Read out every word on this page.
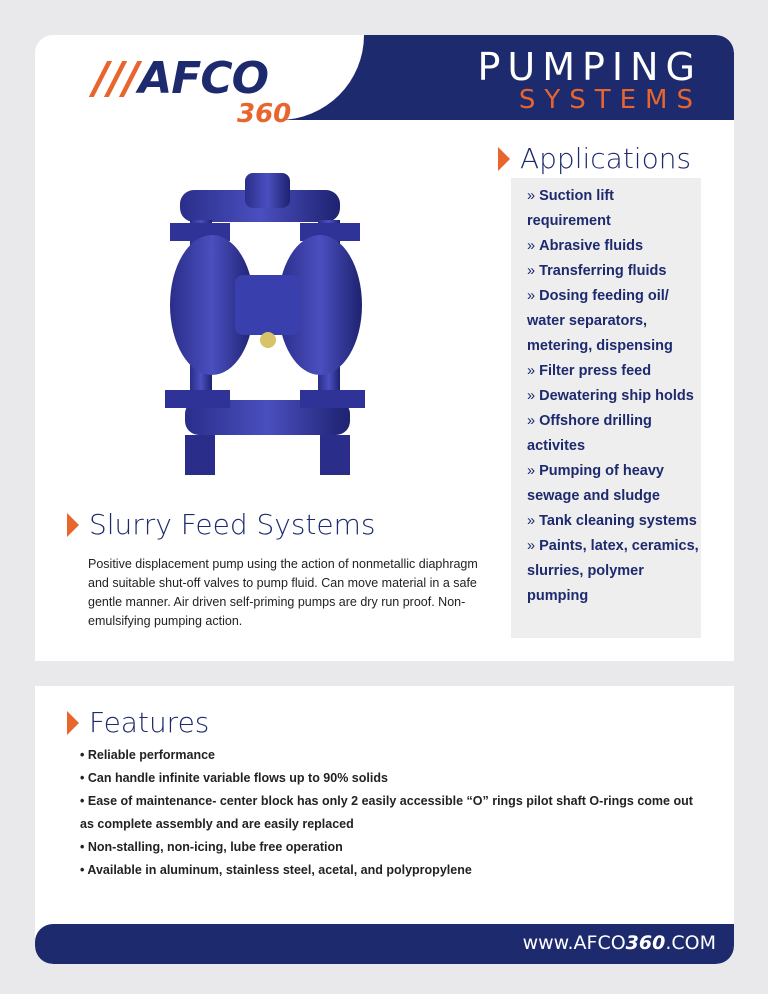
PUMPING
SYSTEMS
///AFCO
360
Applications
» Suction lift requirement
» Abrasive fluids
» Transferring fluids
» Dosing feeding oil/ water separators, metering, dispensing
» Filter press feed
» Dewatering ship holds
» Offshore drilling activites
» Pumping of heavy sewage and sludge
» Tank cleaning systems
» Paints, latex, ceramics, slurries, polymer pumping
Slurry Feed Systems
Positive displacement pump using the action of nonmetallic diaphragm and suitable shut-off valves to pump fluid. Can move material in a safe gentle manner. Air driven self-priming pumps are dry run proof. Non-emulsifying pumping action.
Features
• Reliable performance
• Can handle infinite variable flows up to 90% solids
• Ease of maintenance- center block has only 2 easily accessible “O” rings pilot shaft O-rings come out as complete assembly and are easily replaced
• Non-stalling, non-icing, lube free operation
• Available in aluminum, stainless steel, acetal, and polypropylene
www.AFCO360.COM
